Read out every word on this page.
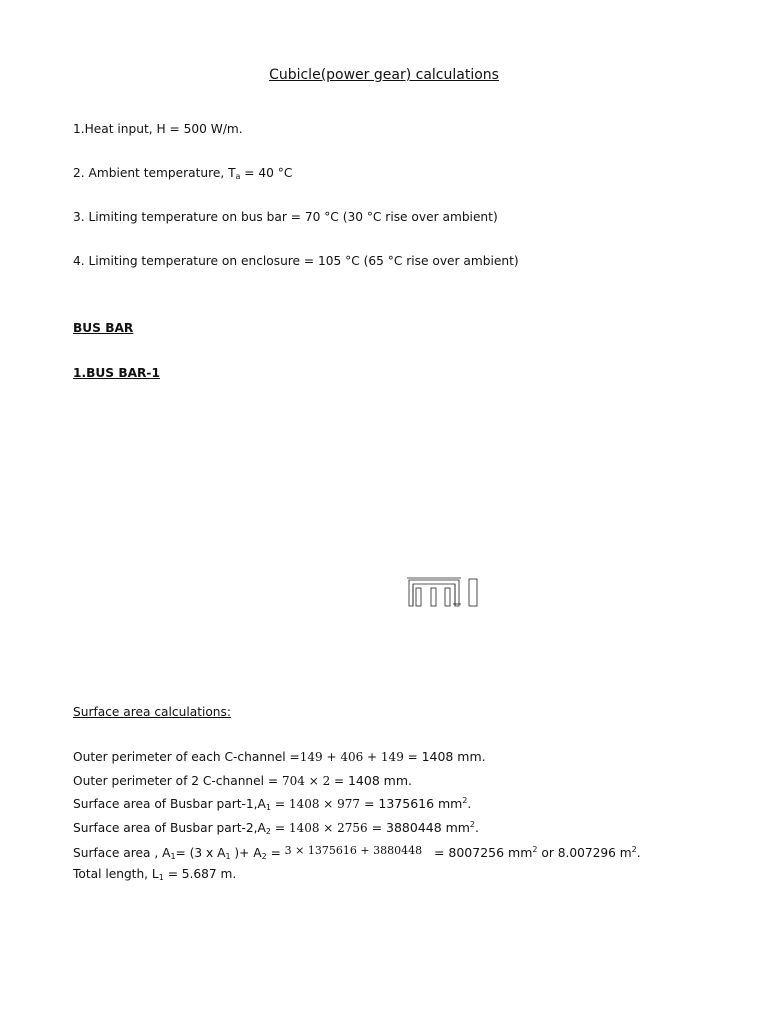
Cubicle(power gear) calculations
1.Heat input, H = 500 W/m.
2. Ambient temperature, $T_a = 40$ °C
3. Limiting temperature on bus bar = 70 °C (30 °C rise over ambient)
4. Limiting temperature on enclosure = 105 °C (65 °C rise over ambient)
BUS BAR
1.BUS BAR-1
Surface area calculations:
Outer perimeter of each C-channel =149 + 406 + 149 = 1408 mm.
Outer perimeter of 2 C-channel = 704 × 2 = 1408 mm.
Surface area of Busbar part-$1,A_1 = 1408 \times 977 = 1375616$ $mm^2$.
Surface area of Busbar part-$2,A_2 = 1408 \times 2756 = 3880448$ $mm^2$.
Surface area , $A_1= (3$ x $A_1$ )+ $A_2 = 3 \times 1375616 + 3880448 = 8007256$ $mm^2$ or 8.007296 $m^2$.
Total length, $L_1 = 5.687$ m.
